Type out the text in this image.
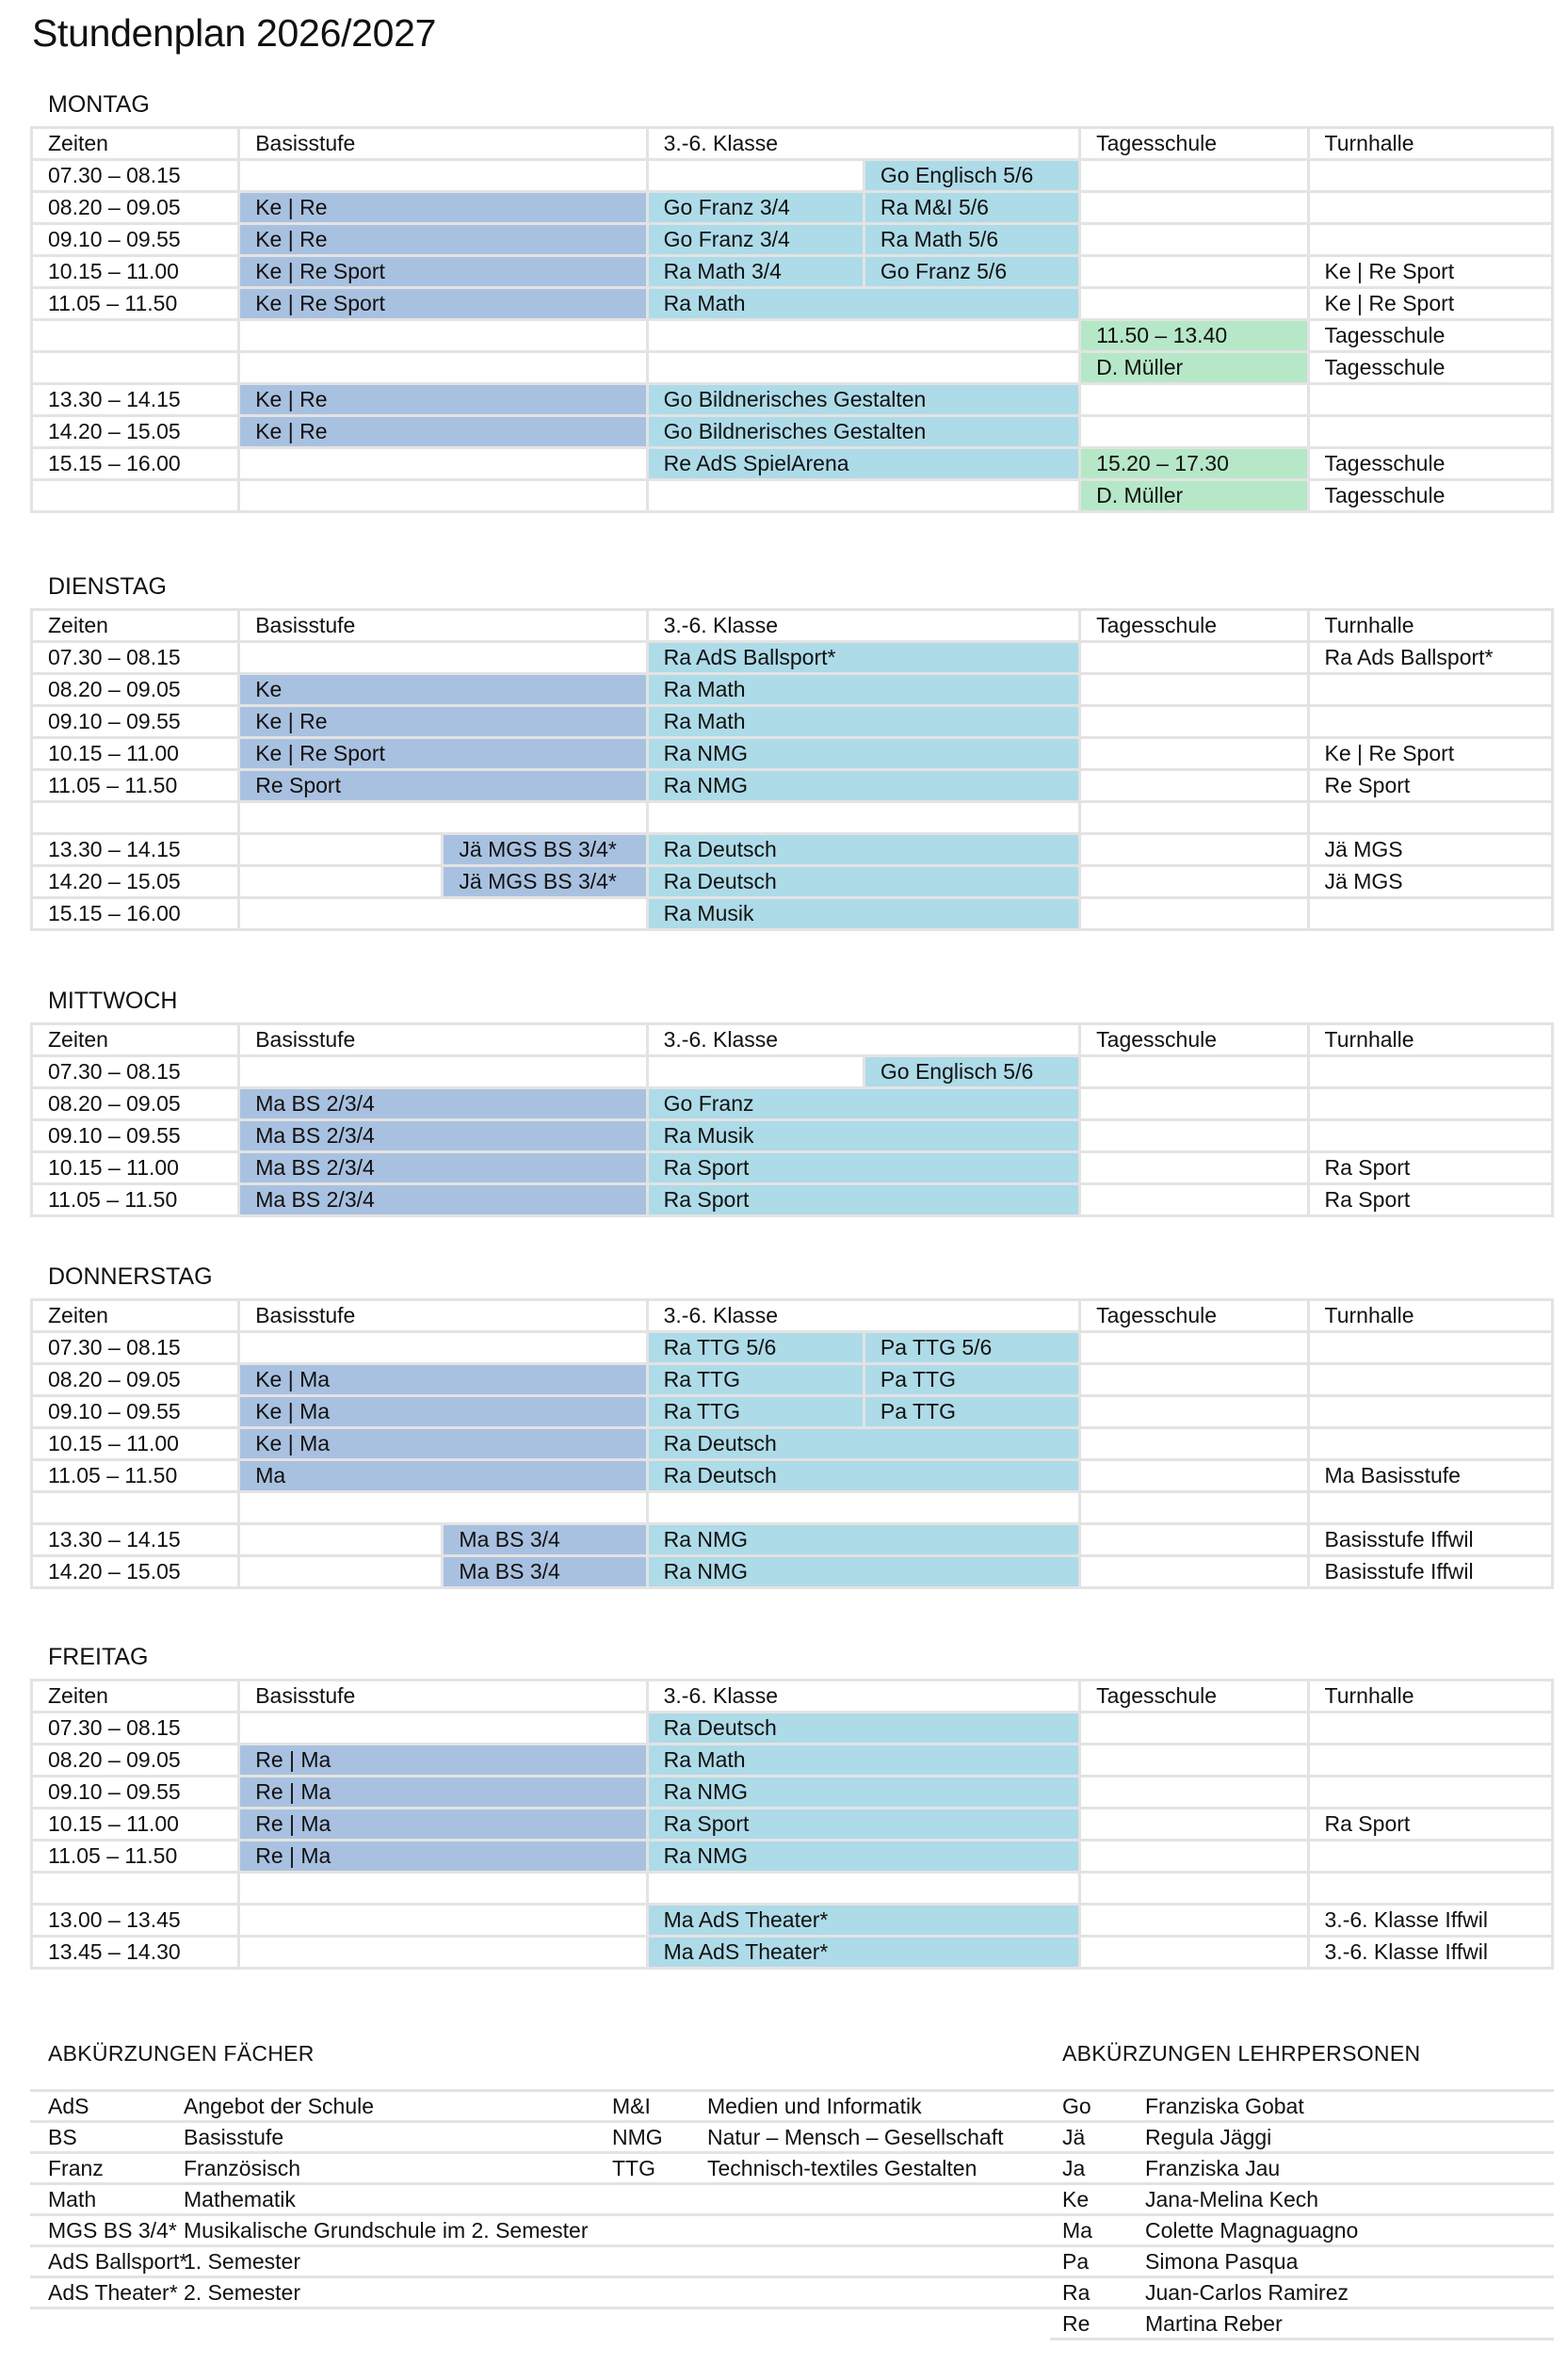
Stundenplan 2026/2027
MONTAG
Zeiten	Basisstufe	3.-6. Klasse		Tagesschule	Turnhalle
07.30 – 08.15			Go Englisch 5/6		
08.20 – 09.05	Ke | Re	Go Franz 3/4	Ra M&I 5/6		
09.10 – 09.55	Ke | Re	Go Franz 3/4	Ra Math 5/6		
10.15 – 11.00	Ke | Re Sport	Ra Math 3/4	Go Franz 5/6		Ke | Re Sport
11.05 – 11.50	Ke | Re Sport	Ra Math			Ke | Re Sport
				11.50 – 13.40	Tagesschule
				D. Müller	Tagesschule
13.30 – 14.15	Ke | Re	Go Bildnerisches Gestalten			
14.20 – 15.05	Ke | Re	Go Bildnerisches Gestalten			
15.15 – 16.00		Re AdS SpielArena		15.20 – 17.30	Tagesschule
				D. Müller	Tagesschule
DIENSTAG
Zeiten	Basisstufe		3.-6. Klasse	Tagesschule	Turnhalle
07.30 – 08.15			Ra AdS Ballsport*		Ra Ads Ballsport*
08.20 – 09.05	Ke		Ra Math		
09.10 – 09.55	Ke | Re		Ra Math		
10.15 – 11.00	Ke | Re Sport		Ra NMG		Ke | Re Sport
11.05 – 11.50	Re Sport		Ra NMG		Re Sport

13.30 – 14.15		Jä MGS BS 3/4*	Ra Deutsch		Jä MGS
14.20 – 15.05		Jä MGS BS 3/4*	Ra Deutsch		Jä MGS
15.15 – 16.00			Ra Musik		
MITTWOCH
Zeiten	Basisstufe	3.-6. Klasse		Tagesschule	Turnhalle
07.30 – 08.15			Go Englisch 5/6		
08.20 – 09.05	Ma BS 2/3/4	Go Franz			
09.10 – 09.55	Ma BS 2/3/4	Ra Musik			
10.15 – 11.00	Ma BS 2/3/4	Ra Sport			Ra Sport
11.05 – 11.50	Ma BS 2/3/4	Ra Sport			Ra Sport
DONNERSTAG
Zeiten	Basisstufe		3.-6. Klasse		Tagesschule	Turnhalle
07.30 – 08.15			Ra TTG 5/6	Pa TTG 5/6		
08.20 – 09.05	Ke | Ma		Ra TTG	Pa TTG		
09.10 – 09.55	Ke | Ma		Ra TTG	Pa TTG		
10.15 – 11.00	Ke | Ma		Ra Deutsch			
11.05 – 11.50	Ma		Ra Deutsch			Ma Basisstufe

13.30 – 14.15		Ma BS 3/4	Ra NMG			Basisstufe Iffwil
14.20 – 15.05		Ma BS 3/4	Ra NMG			Basisstufe Iffwil
FREITAG
Zeiten	Basisstufe	3.-6. Klasse	Tagesschule	Turnhalle
07.30 – 08.15		Ra Deutsch		
08.20 – 09.05	Re | Ma	Ra Math		
09.10 – 09.55	Re | Ma	Ra NMG		
10.15 – 11.00	Re | Ma	Ra Sport		Ra Sport
11.05 – 11.50	Re | Ma	Ra NMG		

13.00 – 13.45		Ma AdS Theater*		3.-6. Klasse Iffwil
13.45 – 14.30		Ma AdS Theater*		3.-6. Klasse Iffwil
ABKÜRZUNGEN FÄCHER	ABKÜRZUNGEN LEHRPERSONEN
AdS	Angebot der Schule	M&I	Medien und Informatik
BS	Basisstufe	NMG	Natur – Mensch – Gesellschaft
Franz	Französisch	TTG	Technisch-textiles Gestalten
Math	Mathematik		
MGS BS 3/4*	Musikalische Grundschule im 2. Semester		
AdS Ballsport*	1. Semester		
AdS Theater*	2. Semester		
Go	Franziska Gobat
Jä	Regula Jäggi
Ja	Franziska Jau
Ke	Jana-Melina Kech
Ma	Colette Magnaguagno
Pa	Simona Pasqua
Ra	Juan-Carlos Ramirez
Re	Martina Reber
